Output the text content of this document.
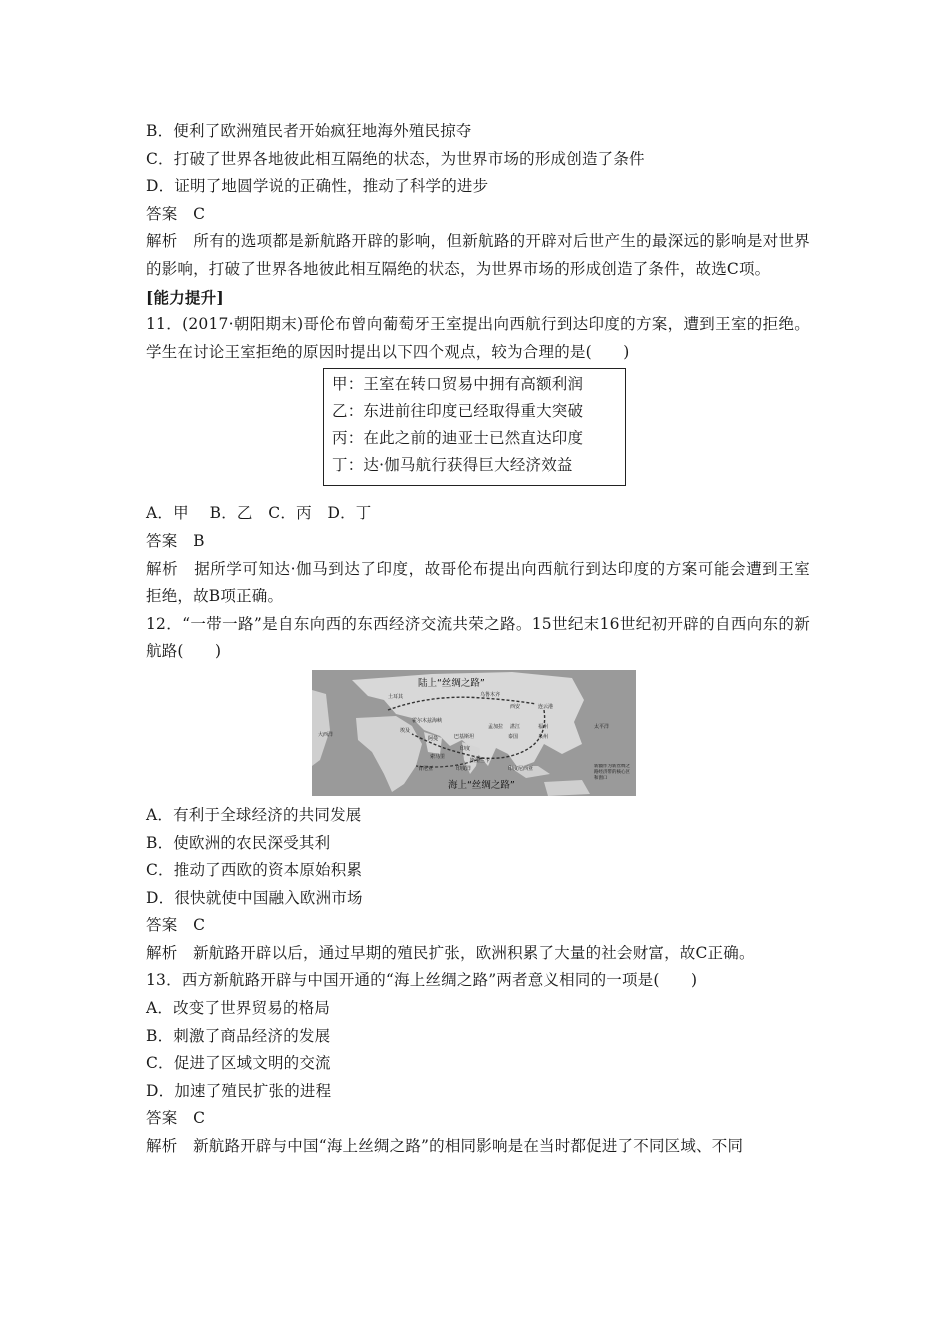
B．便利了欧洲殖民者开始疯狂地海外殖民掠夺
C．打破了世界各地彼此相互隔绝的状态，为世界市场的形成创造了条件
D．证明了地圆学说的正确性，推动了科学的进步
答案　C
解析　所有的选项都是新航路开辟的影响，但新航路的开辟对后世产生的最深远的影响是对世界的影响，打破了世界各地彼此相互隔绝的状态，为世界市场的形成创造了条件，故选C项。
[能力提升]
11．(2017·朝阳期末)哥伦布曾向葡萄牙王室提出向西航行到达印度的方案，遭到王室的拒绝。学生在讨论王室拒绝的原因时提出以下四个观点，较为合理的是(　　)
甲：王室在转口贸易中拥有高额利润
乙：东进前往印度已经取得重大突破
丙：在此之前的迪亚士已然直达印度
丁：达·伽马航行获得巨大经济效益
A．甲　 B．乙　C．丙　D．丁
答案　B
解析　据所学可知达·伽马到达了印度，故哥伦布提出向西航行到达印度的方案可能会遭到王室拒绝，故B项正确。
12．“一带一路”是自东向西的东西经济交流共荣之路。15世纪末16世纪初开辟的自西向东的新航路(　　)
陆上“丝绸之路”
海上“丝绸之路”
土耳其	乌鲁木齐
西安	连云港
大西洋
太平洋
霍尔木兹海峡
埃及
阿曼	巴基斯坦
孟加拉 湛江	福州
泉州
泰国
印度
索马里
斯里兰卡
肯尼亚	印度洋	印度尼西亚	新疆作为新丝绸之路经济带的核心区和窗口
A．有利于全球经济的共同发展
B．使欧洲的农民深受其利
C．推动了西欧的资本原始积累
D．很快就使中国融入欧洲市场
答案　C
解析　新航路开辟以后，通过早期的殖民扩张，欧洲积累了大量的社会财富，故C正确。
13．西方新航路开辟与中国开通的“海上丝绸之路”两者意义相同的一项是(　　)
A．改变了世界贸易的格局
B．刺激了商品经济的发展
C．促进了区域文明的交流
D．加速了殖民扩张的进程
答案　C
解析　新航路开辟与中国“海上丝绸之路”的相同影响是在当时都促进了不同区域、不同
